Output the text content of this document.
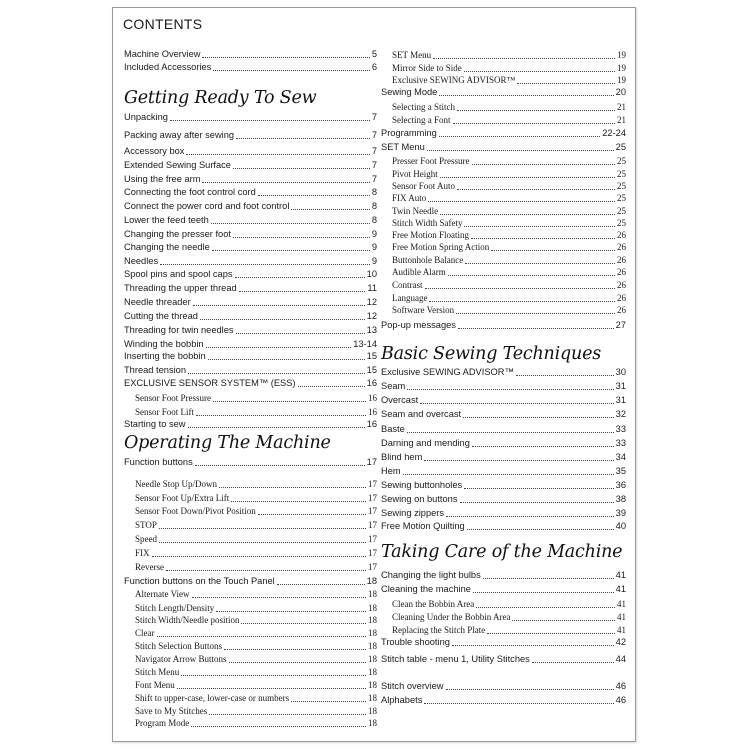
Machine Overview	5
Included Accessories	6
Getting Ready To Sew
Unpacking	7
Packing away after sewing	7
Accessory box	7
Extended Sewing Surface	7
Using the free arm	7
Connecting the foot control cord	8
Connect the power cord and foot control	8
Lower the feed teeth	8
Changing the presser foot	9
Changing the needle	9
Needles	9
Spool pins and spool caps	10
Threading the upper thread	11
Needle threader	12
Cutting the thread	12
Threading for twin needles	13
Winding the bobbin	13-14
Inserting the bobbin	15
Thread tension	15
EXCLUSIVE SENSOR SYSTEM™ (ESS)	16
Sensor Foot Pressure	16
Sensor Foot Lift	16
Starting to sew	16
Operating The Machine
Function buttons	17
Needle Stop Up/Down	17
Sensor Foot Up/Extra Lift	17
Sensor Foot Down/Pivot Position	17
STOP	17
Speed	17
FIX	17
Reverse	17
Function buttons on the Touch Panel	18
Alternate View	18
Stitch Length/Density	18
Stitch Width/Needle position	18
Clear	18
Stitch Selection Buttons	18
Navigator Arrow Buttons	18
Stitch Menu	18
Font Menu	18
Shift to upper-case, lower-case or numbers	18
Save to My Stitches	18
Program Mode	18
SET Menu	19
Mirror Side to Side	19
Exclusive SEWING ADVISOR™	19
Sewing Mode	20
Selecting a Stitch	21
Selecting a Font	21
Programming	22-24
SET Menu	25
Presser Foot Pressure	25
Pivot Height	25
Sensor Foot Auto	25
FIX Auto	25
Twin Needle	25
Stitch Width Safety	25
Free Motion Floating	26
Free Motion Spring Action	26
Buttonhole Balance	26
Audible Alarm	26
Contrast	26
Language	26
Software Version	26
Pop-up messages	27
Basic Sewing Techniques
Exclusive SEWING ADVISOR™	30
Seam	31
Overcast	31
Seam and overcast	32
Baste	33
Darning and mending	33
Blind hem	34
Hem	35
Sewing buttonholes	36
Sewing on buttons	38
Sewing zippers	39
Free Motion Quilting	40
Taking Care of the Machine
Changing the light bulbs	41
Cleaning the machine	41
Clean the Bobbin Area	41
Cleaning Under the Bobbin Area	41
Replacing the Stitch Plate	41
Trouble shooting	42
Stitch table - menu 1, Utility Stitches	44
Stitch overview	46
Alphabets	46
CONTENTS
